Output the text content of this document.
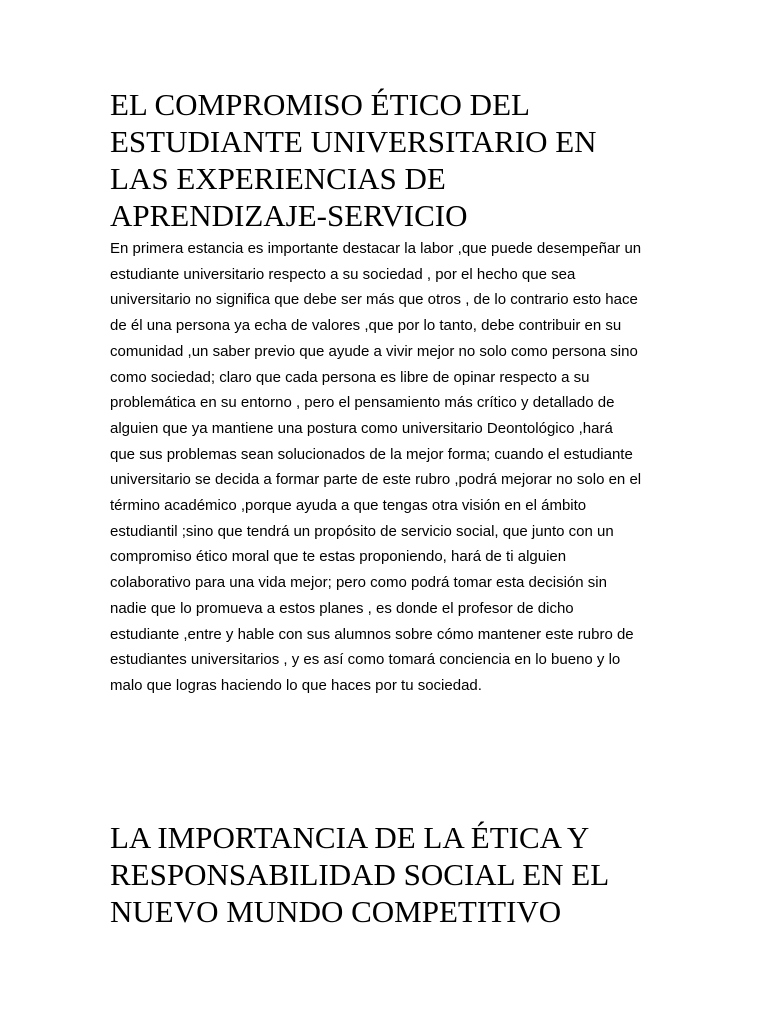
EL COMPROMISO ÉTICO DEL
ESTUDIANTE UNIVERSITARIO EN
LAS EXPERIENCIAS DE
APRENDIZAJE-SERVICIO

En primera estancia es importante destacar la labor ,que puede desempeñar un
estudiante universitario respecto a su sociedad , por el hecho que sea
universitario no significa que debe ser más que otros , de lo contrario esto hace
de él una persona ya echa de valores ,que por lo tanto, debe contribuir en su
comunidad ,un saber previo que ayude a vivir mejor no solo como persona sino
como sociedad; claro que cada persona es libre de opinar respecto a su
problemática en su entorno , pero el pensamiento más crítico y detallado de
alguien que ya mantiene una postura como universitario Deontológico ,hará
que sus problemas sean solucionados de la mejor forma; cuando el estudiante
universitario se decida a formar parte de este rubro ,podrá mejorar no solo en el
término académico ,porque ayuda a que tengas otra visión en el ámbito
estudiantil ;sino que tendrá un propósito de servicio social, que junto con un
compromiso ético moral que te estas proponiendo, hará de ti alguien
colaborativo para una vida mejor; pero como podrá tomar esta decisión sin
nadie que lo promueva a estos planes , es donde el profesor de dicho
estudiante ,entre y hable con sus alumnos sobre cómo mantener este rubro de
estudiantes universitarios , y es así como tomará conciencia en lo bueno y lo
malo que logras haciendo lo que haces por tu sociedad.

LA IMPORTANCIA DE LA ÉTICA Y
RESPONSABILIDAD SOCIAL EN EL
NUEVO MUNDO COMPETITIVO
